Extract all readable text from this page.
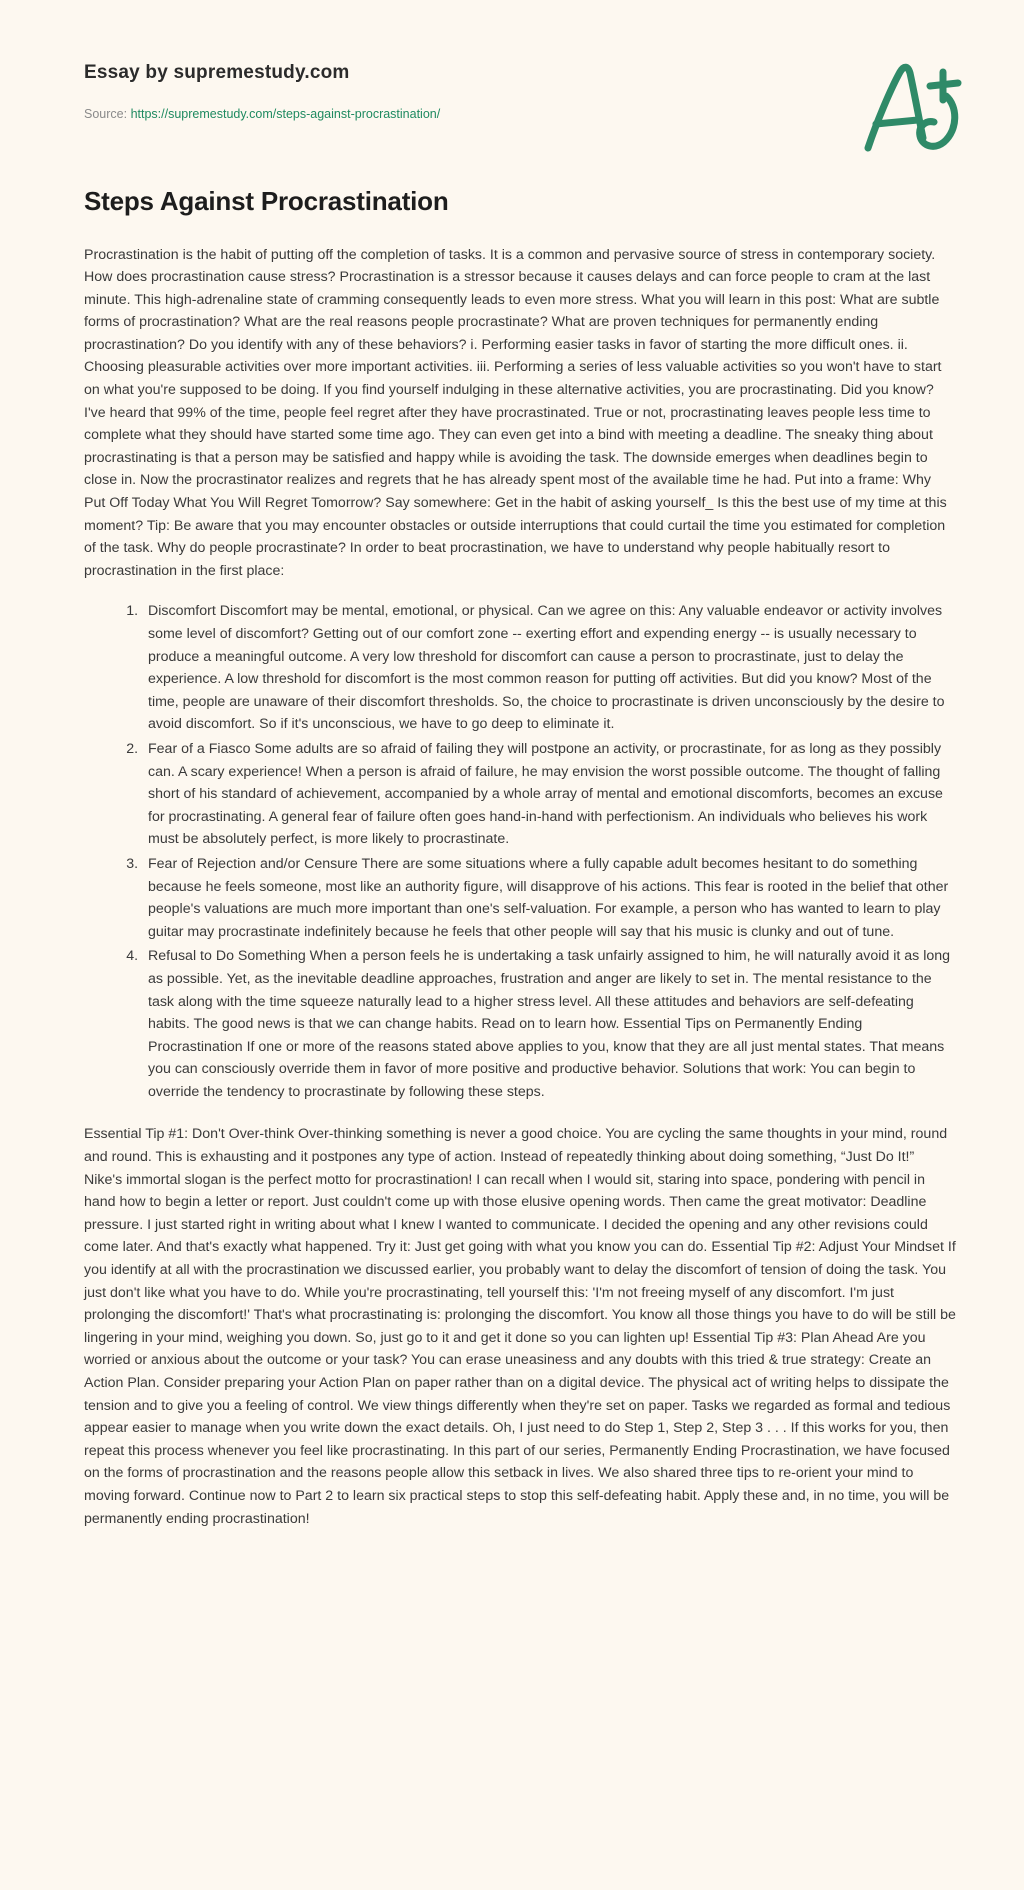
Essay by supremestudy.com
Source: https://supremestudy.com/steps-against-procrastination/
Steps Against Procrastination

Procrastination is the habit of putting off the completion of tasks. It is a common and pervasive source of stress in contemporary society. How does procrastination cause stress? Procrastination is a stressor because it causes delays and can force people to cram at the last minute. This high-adrenaline state of cramming consequently leads to even more stress. What you will learn in this post: What are subtle forms of procrastination? What are the real reasons people procrastinate? What are proven techniques for permanently ending procrastination? Do you identify with any of these behaviors? i. Performing easier tasks in favor of starting the more difficult ones. ii. Choosing pleasurable activities over more important activities. iii. Performing a series of less valuable activities so you won't have to start on what you're supposed to be doing. If you find yourself indulging in these alternative activities, you are procrastinating. Did you know? I've heard that 99% of the time, people feel regret after they have procrastinated. True or not, procrastinating leaves people less time to complete what they should have started some time ago. They can even get into a bind with meeting a deadline. The sneaky thing about procrastinating is that a person may be satisfied and happy while is avoiding the task. The downside emerges when deadlines begin to close in. Now the procrastinator realizes and regrets that he has already spent most of the available time he had. Put into a frame: Why Put Off Today What You Will Regret Tomorrow? Say somewhere: Get in the habit of asking yourself_ Is this the best use of my time at this moment? Tip: Be aware that you may encounter obstacles or outside interruptions that could curtail the time you estimated for completion of the task. Why do people procrastinate? In order to beat procrastination, we have to understand why people habitually resort to procrastination in the first place:

1. Discomfort Discomfort may be mental, emotional, or physical. Can we agree on this: Any valuable endeavor or activity involves some level of discomfort? Getting out of our comfort zone -- exerting effort and expending energy -- is usually necessary to produce a meaningful outcome. A very low threshold for discomfort can cause a person to procrastinate, just to delay the experience. A low threshold for discomfort is the most common reason for putting off activities. But did you know? Most of the time, people are unaware of their discomfort thresholds. So, the choice to procrastinate is driven unconsciously by the desire to avoid discomfort. So if it's unconscious, we have to go deep to eliminate it.
2. Fear of a Fiasco Some adults are so afraid of failing they will postpone an activity, or procrastinate, for as long as they possibly can. A scary experience! When a person is afraid of failure, he may envision the worst possible outcome. The thought of falling short of his standard of achievement, accompanied by a whole array of mental and emotional discomforts, becomes an excuse for procrastinating. A general fear of failure often goes hand-in-hand with perfectionism. An individuals who believes his work must be absolutely perfect, is more likely to procrastinate.
3. Fear of Rejection and/or Censure There are some situations where a fully capable adult becomes hesitant to do something because he feels someone, most like an authority figure, will disapprove of his actions. This fear is rooted in the belief that other people's valuations are much more important than one's self-valuation. For example, a person who has wanted to learn to play guitar may procrastinate indefinitely because he feels that other people will say that his music is clunky and out of tune.
4. Refusal to Do Something When a person feels he is undertaking a task unfairly assigned to him, he will naturally avoid it as long as possible. Yet, as the inevitable deadline approaches, frustration and anger are likely to set in. The mental resistance to the task along with the time squeeze naturally lead to a higher stress level. All these attitudes and behaviors are self-defeating habits. The good news is that we can change habits. Read on to learn how. Essential Tips on Permanently Ending Procrastination If one or more of the reasons stated above applies to you, know that they are all just mental states. That means you can consciously override them in favor of more positive and productive behavior. Solutions that work: You can begin to override the tendency to procrastinate by following these steps.

Essential Tip #1: Don't Over-think Over-thinking something is never a good choice. You are cycling the same thoughts in your mind, round and round. This is exhausting and it postpones any type of action. Instead of repeatedly thinking about doing something, “Just Do It!” Nike's immortal slogan is the perfect motto for procrastination! I can recall when I would sit, staring into space, pondering with pencil in hand how to begin a letter or report. Just couldn't come up with those elusive opening words. Then came the great motivator: Deadline pressure. I just started right in writing about what I knew I wanted to communicate. I decided the opening and any other revisions could come later. And that's exactly what happened. Try it: Just get going with what you know you can do. Essential Tip #2: Adjust Your Mindset If you identify at all with the procrastination we discussed earlier, you probably want to delay the discomfort of tension of doing the task. You just don't like what you have to do. While you're procrastinating, tell yourself this: 'I'm not freeing myself of any discomfort. I'm just prolonging the discomfort!' That's what procrastinating is: prolonging the discomfort. You know all those things you have to do will be still be lingering in your mind, weighing you down. So, just go to it and get it done so you can lighten up! Essential Tip #3: Plan Ahead Are you worried or anxious about the outcome or your task? You can erase uneasiness and any doubts with this tried & true strategy: Create an Action Plan. Consider preparing your Action Plan on paper rather than on a digital device. The physical act of writing helps to dissipate the tension and to give you a feeling of control. We view things differently when they're set on paper. Tasks we regarded as formal and tedious appear easier to manage when you write down the exact details. Oh, I just need to do Step 1, Step 2, Step 3 . . . If this works for you, then repeat this process whenever you feel like procrastinating. In this part of our series, Permanently Ending Procrastination, we have focused on the forms of procrastination and the reasons people allow this setback in lives. We also shared three tips to re-orient your mind to moving forward. Continue now to Part 2 to learn six practical steps to stop this self-defeating habit. Apply these and, in no time, you will be permanently ending procrastination!
